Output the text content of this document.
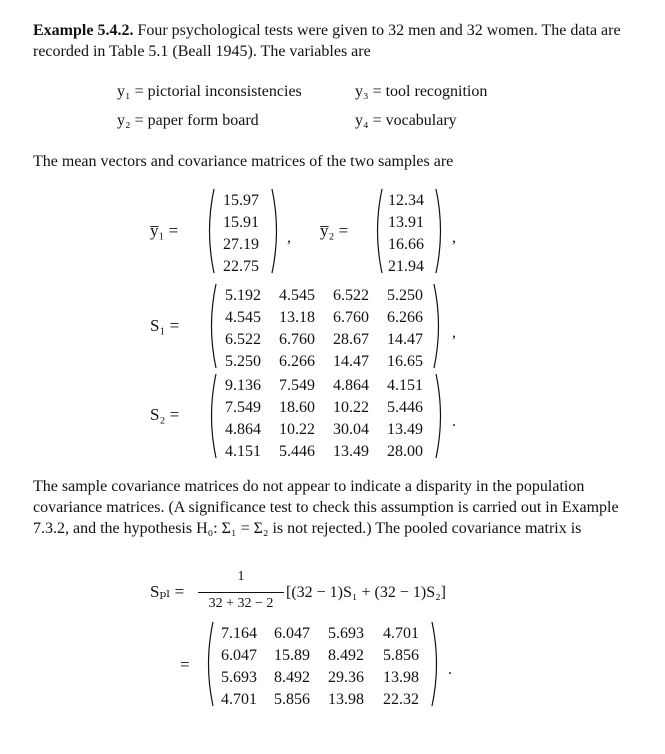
Example 5.4.2. Four psychological tests were given to 32 men and 32 women. The data are recorded in Table 5.1 (Beall 1945). The variables are
y₁ = pictorial inconsistencies	y₃ = tool recognition
y₂ = paper form board	y₄ = vocabulary
The mean vectors and covariance matrices of the two samples are
y̅₁ =
15.97
15.91
27.19
22.75
, y̅₂ =
12.34
13.91
16.66
21.94
,
S₁ =
5.192
4.545
6.522
5.250
4.545
13.18
6.760
6.266
6.522
6.760
28.67
14.47
5.250
6.266
14.47
16.65
,
S₂ =
9.136
7.549
4.864
4.151
7.549
18.60
10.22
5.446
4.864
10.22
30.04
13.49
4.151
5.446
13.49
28.00
.
The sample covariance matrices do not appear to indicate a disparity in the population covariance matrices. (A significance test to check this assumption is carried out in Example 7.3.2, and the hypothesis H₀: Σ₁ = Σ₂ is not rejected.) The pooled covariance matrix is
Sₚₗ =
1
32 + 32 − 2
[(32 − 1)S₁ + (32 − 1)S₂]
=
7.164
6.047
5.693
4.701
6.047
15.89
8.492
5.856
5.693
8.492
29.36
13.98
4.701
5.856
13.98
22.32
.
